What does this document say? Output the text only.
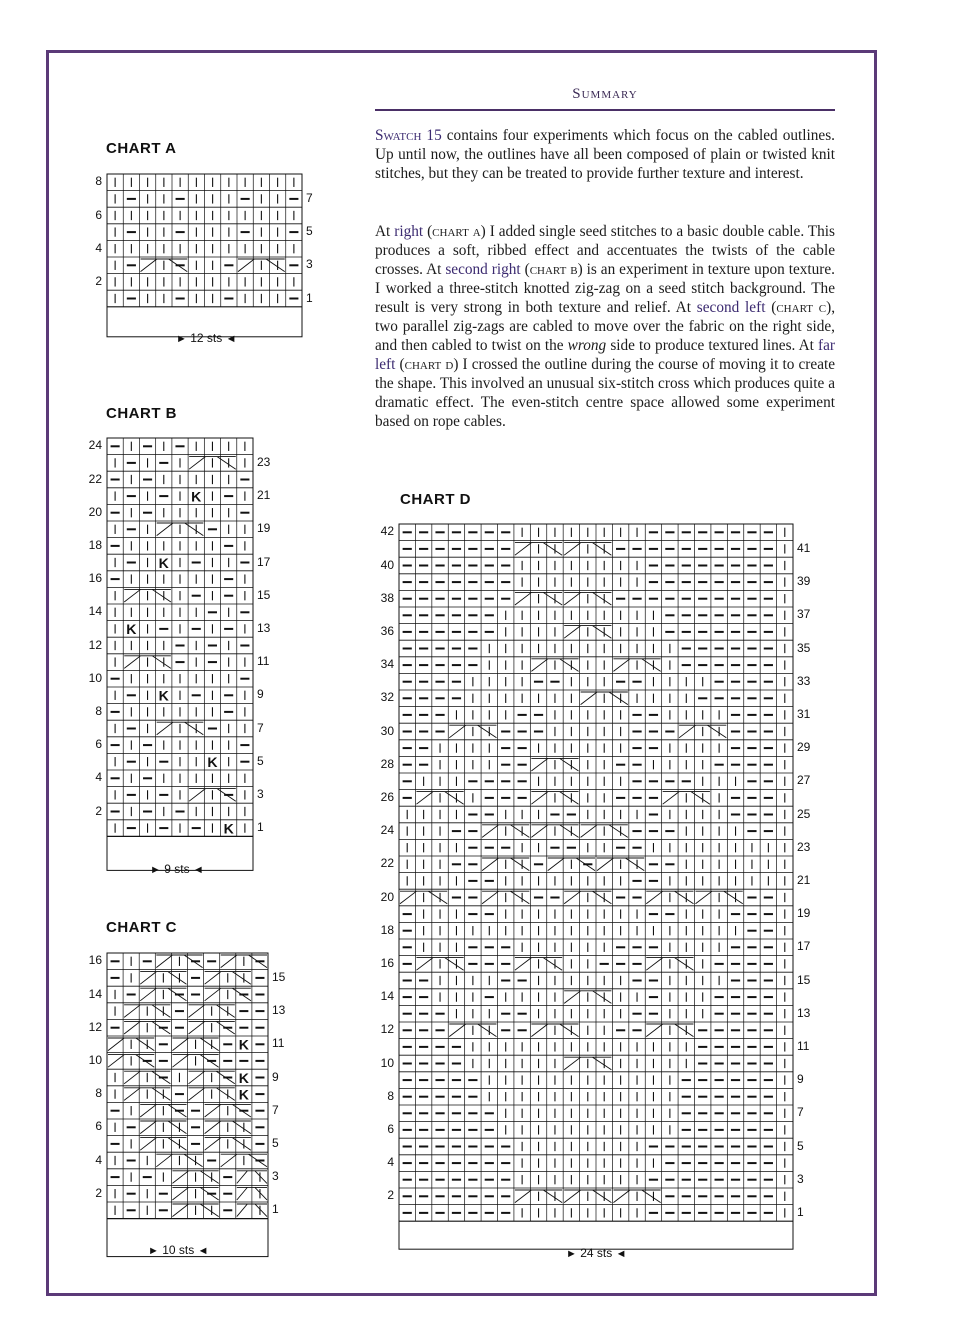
Summary
Swatch 15 contains four experiments which focus on the cabled outlines. Up until now, the outlines have all been composed of plain or twisted knit stitches, but they can be treated to provide further texture and interest.
At right (chart a) I added single seed stitches to a basic double cable. This produces a soft, ribbed effect and accentuates the twists of the cable crosses. At second right (chart b) is an experiment in texture upon texture. I worked a three-stitch knotted zig-zag on a seed stitch background. The result is very strong in both texture and relief. At second left (chart c), two parallel zig-zags are cabled to move over the fabric on the right side, and then cabled to twist on the wrong side to produce textured lines. At far left (chart d) I crossed the outline during the course of moving it to create the shape. This involved an unusual six-stitch cross which produces quite a dramatic effect. The even-stitch centre space allowed some experiment based on rope cables.
CHART A
2
4
6
8
1
3
5
7
► 12 sts ◄
CHART B
K
K
K
K
K
K
2
4
6
8
10
12
14
16
18
20
22
24
1
3
5
7
9
11
13
15
17
19
21
23
► 9 sts ◄
CHART C
K
K
K
2
4
6
8
10
12
14
16
1
3
5
7
9
11
13
15
► 10 sts ◄
CHART D
2
4
6
8
10
12
14
16
18
20
22
24
26
28
30
32
34
36
38
40
42
1
3
5
7
9
11
13
15
17
19
21
23
25
27
29
31
33
35
37
39
41
► 24 sts ◄
